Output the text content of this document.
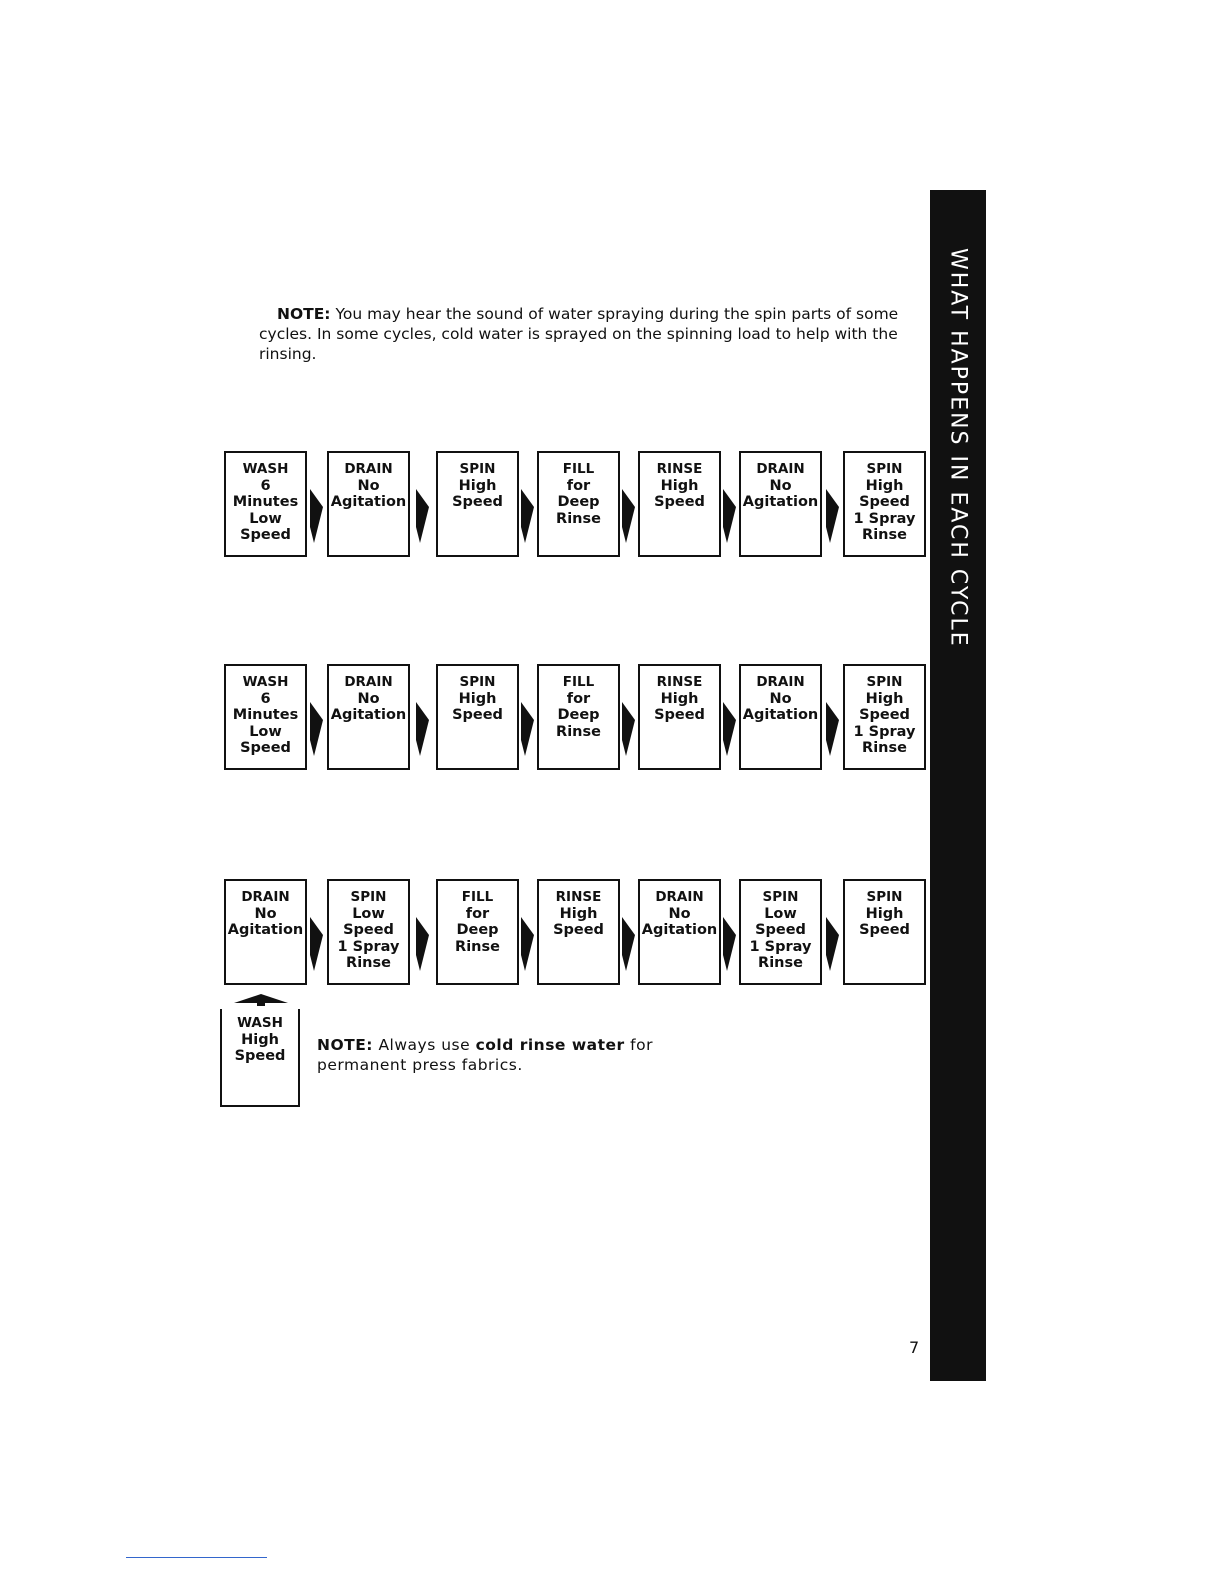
NOTE: You may hear the sound of water spraying during the spin parts of some cycles. In some cycles, cold water is sprayed on the spinning load to help with the rinsing.

WASH
6
Minutes
Low
Speed
DRAIN
No
Agitation
SPIN
High
Speed
FILL
for
Deep
Rinse
RINSE
High
Speed
DRAIN
No
Agitation
SPIN
High
Speed
1 Spray
Rinse
WASH
6
Minutes
Low
Speed
DRAIN
No
Agitation
SPIN
High
Speed
FILL
for
Deep
Rinse
RINSE
High
Speed
DRAIN
No
Agitation
SPIN
High
Speed
1 Spray
Rinse
DRAIN
No
Agitation
SPIN
Low
Speed
1 Spray
Rinse
FILL
for
Deep
Rinse
RINSE
High
Speed
DRAIN
No
Agitation
SPIN
Low
Speed
1 Spray
Rinse
SPIN
High
Speed
WASH
High
Speed

NOTE: Always use cold rinse water for permanent press fabrics.

WHAT HAPPENS IN EACH CYCLE
7
